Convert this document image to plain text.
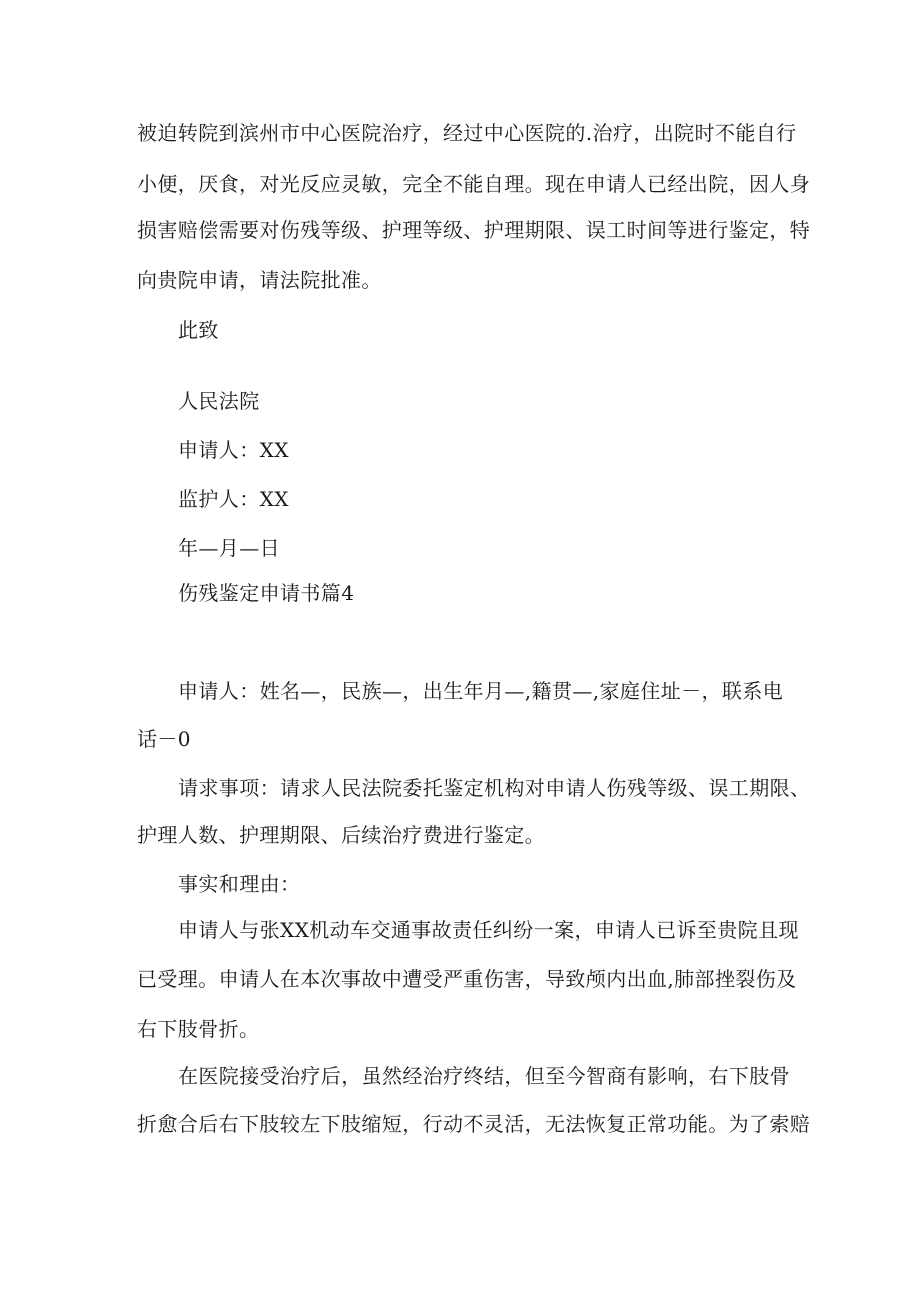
被迫转院到滨州市中心医院治疗，经过中心医院的.治疗，出院时不能自行
小便，厌食，对光反应灵敏，完全不能自理。现在申请人已经出院，因人身
损害赔偿需要对伤残等级、护理等级、护理期限、误工时间等进行鉴定，特
向贵院申请，请法院批准。
此致
人民法院
申请人：XX
监护人：XX
年—月—日
伤残鉴定申请书篇4
申请人：姓名—，民族—，出生年月—,籍贯—,家庭住址－，联系电
话－0
请求事项：请求人民法院委托鉴定机构对申请人伤残等级、误工期限、
护理人数、护理期限、后续治疗费进行鉴定。
事实和理由：
申请人与张XX机动车交通事故责任纠纷一案，申请人已诉至贵院且现
已受理。申请人在本次事故中遭受严重伤害，导致颅内出血,肺部挫裂伤及
右下肢骨折。
在医院接受治疗后，虽然经治疗终结，但至今智商有影响，右下肢骨
折愈合后右下肢较左下肢缩短，行动不灵活，无法恢复正常功能。为了索赔
